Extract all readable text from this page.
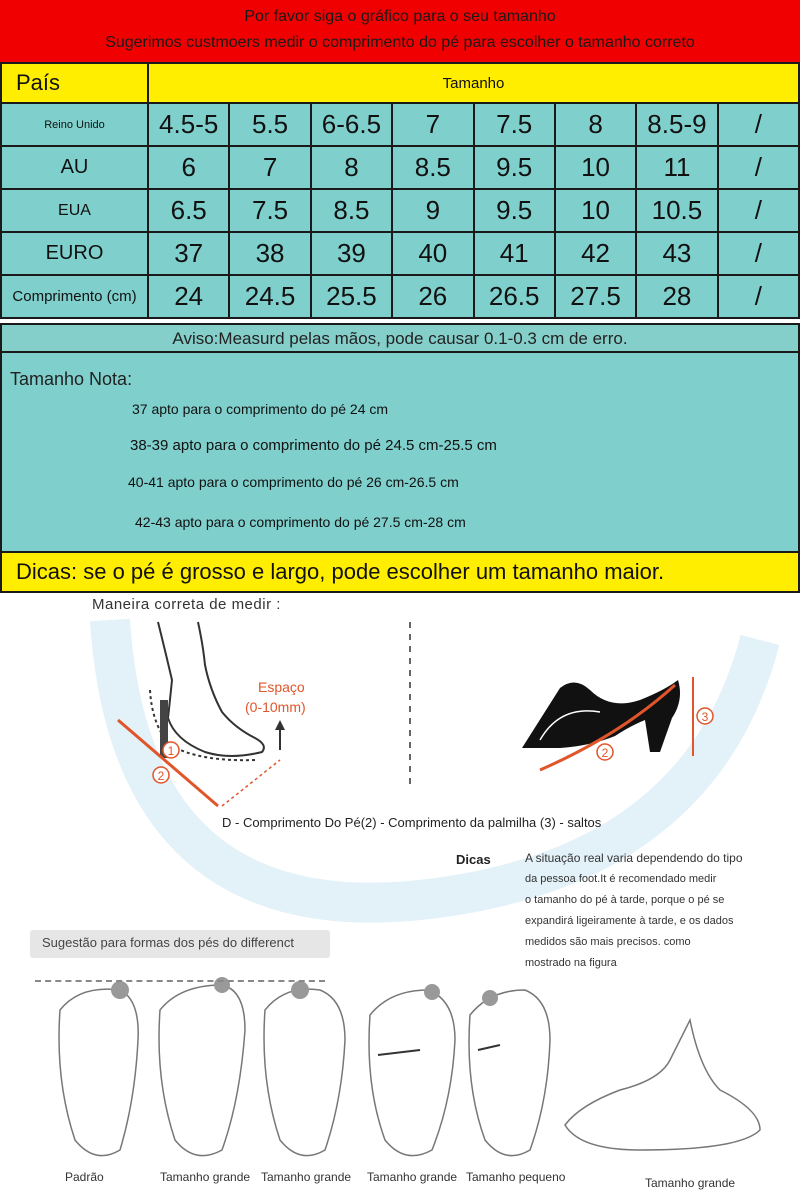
Por favor siga o gráfico para o seu tamanho
Sugerimos custmoers medir o comprimento do pé para escolher o tamanho correto
País	Tamanho							
Reino Unido	4.5-5	5.5	6-6.5	7	7.5	8	8.5-9	/
AU	6	7	8	8.5	9.5	10	11	/
EUA	6.5	7.5	8.5	9	9.5	10	10.5	/
EURO	37	38	39	40	41	42	43	/
Comprimento (cm)	24	24.5	25.5	26	26.5	27.5	28	/
Aviso:Measurd pelas mãos, pode causar 0.1-0.3 cm de erro.
Tamanho Nota:
37 apto para o comprimento do pé 24 cm
38-39 apto para o comprimento do pé 24.5 cm-25.5 cm
40-41 apto para o comprimento do pé 26 cm-26.5 cm
42-43 apto para o comprimento do pé 27.5 cm-28 cm
Dicas: se o pé é grosso e largo, pode escolher um tamanho maior.
Maneira correta de medir :
1
2
Espaço
(0-10mm)
2
3
D - Comprimento Do Pé(2) - Comprimento da palmilha (3) - saltos
Dicas	A situação real varia dependendo do tipo
da pessoa foot.It é recomendado medir
o tamanho do pé à tarde, porque o pé se
expandirá ligeiramente à tarde, e os dados
medidos são mais precisos. como
mostrado na figura
Sugestão para formas dos pés do differenct
Padrão	Tamanho grande Tamanho grande Tamanho grande Tamanho pequeno	Tamanho grande
